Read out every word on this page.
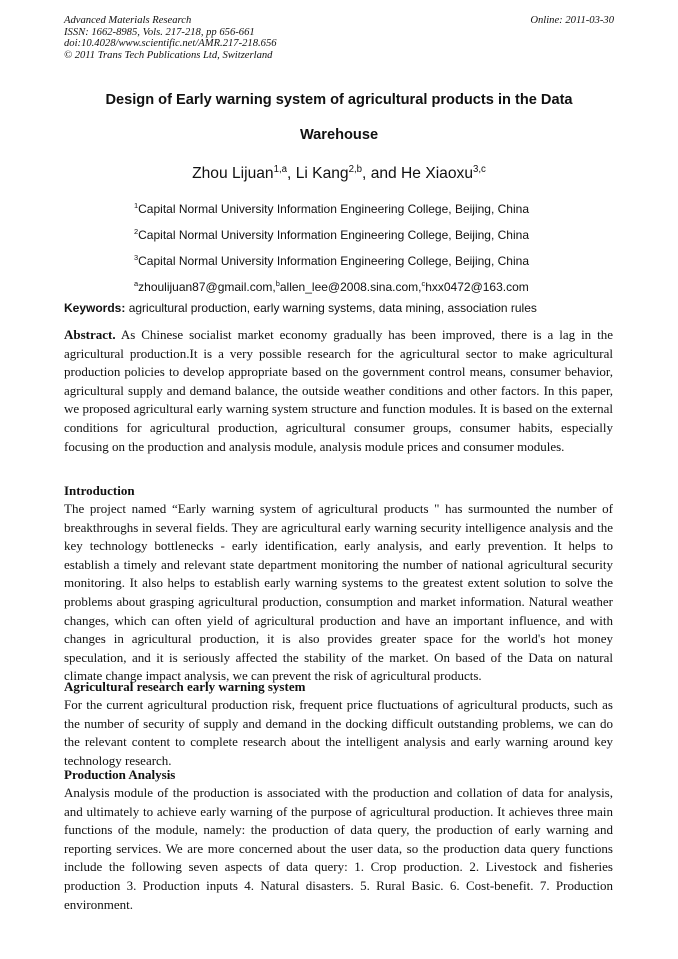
Advanced Materials Research
ISSN: 1662-8985, Vols. 217-218, pp 656-661
doi:10.4028/www.scientific.net/AMR.217-218.656
© 2011 Trans Tech Publications Ltd, Switzerland
Online: 2011-03-30
Design of Early warning system of agricultural products in the Data
Warehouse
Zhou Lijuan$^{1,a}$, Li Kang$^{2,b}$, and He Xiaoxu$^{3,c}$
$^1$Capital Normal University Information Engineering College, Beijing, China
$^2$Capital Normal University Information Engineering College, Beijing, China
$^3$Capital Normal University Information Engineering College, Beijing, China
$^a$zhoulijuan87@gmail.com,$^b$allen_lee@2008.sina.com,$^c$hxx0472@163.com
Keywords: agricultural production, early warning systems, data mining, association rules

Abstract. As Chinese socialist market economy gradually has been improved, there is a lag in the agricultural production.It is a very possible research for the agricultural sector to make agricultural production policies to develop appropriate based on the government control means, consumer behavior, agricultural supply and demand balance, the outside weather conditions and other factors. In this paper, we proposed agricultural early warning system structure and function modules. It is based on the external conditions for agricultural production, agricultural consumer groups, consumer habits, especially focusing on the production and analysis module, analysis module prices and consumer modules.

Introduction

The project named “Early warning system of agricultural products " has surmounted the number of breakthroughs in several fields. They are agricultural early warning security intelligence analysis and the key technology bottlenecks - early identification, early analysis, and early prevention. It helps to establish a timely and relevant state department monitoring the number of national agricultural security monitoring. It also helps to establish early warning systems to the greatest extent solution to solve the problems about grasping agricultural production, consumption and market information. Natural weather changes, which can often yield of agricultural production and have an important influence, and with changes in agricultural production, it is also provides greater space for the world's hot money speculation, and it is seriously affected the stability of the market. On based of the Data on natural climate change impact analysis, we can prevent the risk of agricultural products.

Agricultural research early warning system

For the current agricultural production risk, frequent price fluctuations of agricultural products, such as the number of security of supply and demand in the docking difficult outstanding problems, we can do the relevant content to complete research about the intelligent analysis and early warning around key technology research.

Production Analysis

Analysis module of the production is associated with the production and collation of data for analysis, and ultimately to achieve early warning of the purpose of agricultural production. It achieves three main functions of the module, namely: the production of data query, the production of early warning and reporting services. We are more concerned about the user data, so the production data query functions include the following seven aspects of data query: 1. Crop production. 2. Livestock and fisheries production 3. Production inputs 4. Natural disasters. 5. Rural Basic. 6. Cost-benefit. 7. Production environment.
